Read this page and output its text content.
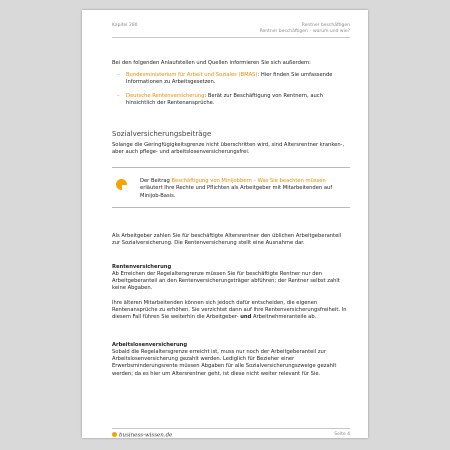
Kapitel 280	Rentner beschäftigen
Rentner beschäftigen – warum und wie?
Bei den folgenden Anlaufstellen und Quellen informieren Sie sich außerdem:
– Bundesministerium für Arbeit und Soziales (BMAS): Hier finden Sie umfassende Informationen zu Arbeitsgesetzen.
– Deutsche Rentenversicherung: Berät zur Beschäftigung von Rentnern, auch hinsichtlich der Rentenansprüche.
Sozialversicherungsbeiträge
Solange die Geringfügigkeitsgrenze nicht überschritten wird, sind Altersrentner kranken-, aber auch pflege- und arbeitslosenversicherungsfrei.
Der Beitrag Beschäftigung von Minijobbern – Was Sie beachten müssen erläutert Ihre Rechte und Pflichten als Arbeitgeber mit Mitarbeitenden auf Minijob-Basis.
Als Arbeitgeber zahlen Sie für beschäftigte Altersrentner den üblichen Arbeitgeberanteil zur Sozialversicherung. Die Rentenversicherung stellt eine Ausnahme dar.
Rentenversicherung
Ab Erreichen der Regelaltersgrenze müssen Sie für beschäftigte Rentner nur den Arbeitgeberanteil an den Rentenversicherungsträger abführen; der Rentner selbst zahlt keine Abgaben.
Ihre älteren Mitarbeitenden können sich jedoch dafür entscheiden, die eigenen Rentenansprüche zu erhöhen. Sie verzichtet dann auf ihre Rentenversicherungsfreiheit. In diesem Fall führen Sie weiterhin die Arbeitgeber- und Arbeitnehmeranteile ab.
Arbeitslosenversicherung
Sobald die Regelaltersgrenze erreicht ist, muss nur noch der Arbeitgeberanteil zur Arbeitslosenversicherung gezahlt werden. Lediglich für Bezieher einer Erwerbsminderungsrente müssen Abgaben für alle Sozialversicherungszweige gezahlt werden; da es hier um Altersrentner geht, ist diese nicht weiter relevant für Sie.
business-wissen.de	Seite 4
